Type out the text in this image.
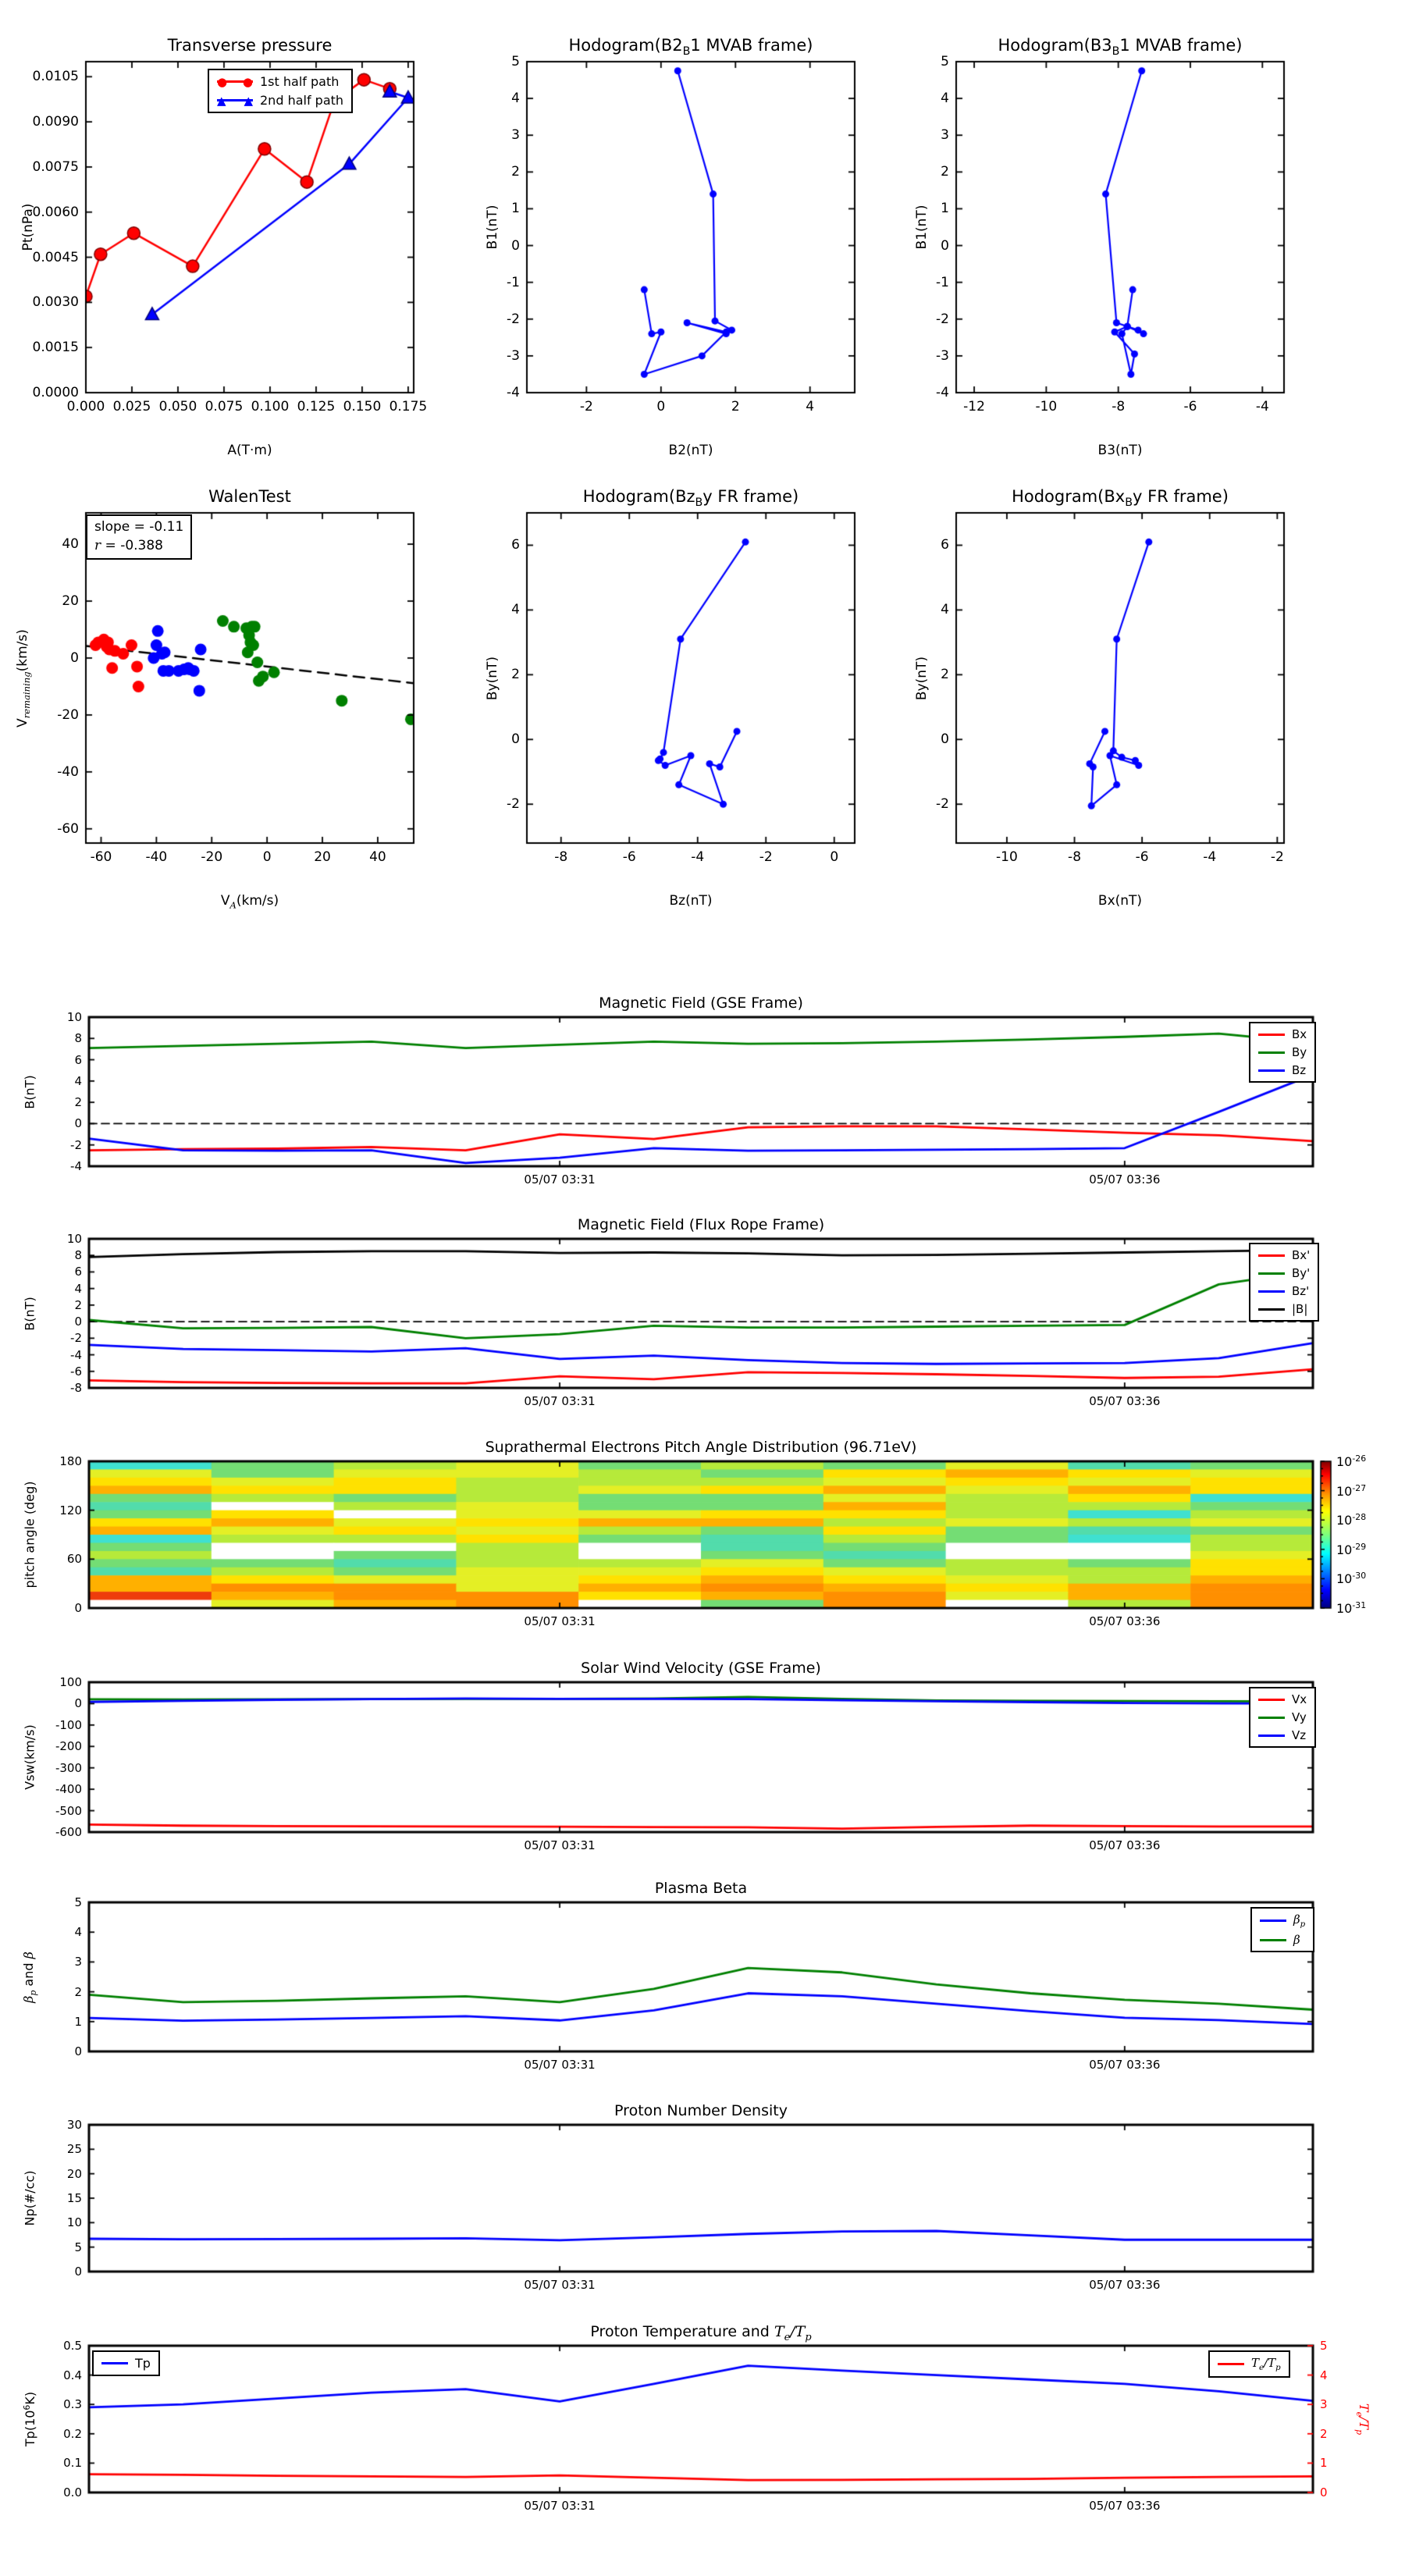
Transverse pressure
A(T·m)
Pt(nPa)
0.000 0.025 0.050 0.075 0.100 0.125 0.150 0.175
0.0000
0.0015
0.0030
0.0045
0.0060
0.0075
0.0090
0.0105	● ● 1st half path
▲ ▲ 2nd half path
$Hodogram(B2_B1$ MVAB frame)
B2(nT)
B1(nT)
-2	0	2	4
-4
-3
-2
-1
0
1
2
3
4
5
$Hodogram(B3_B1$ MVAB frame)
B3(nT)
B1(nT)
-12	-10	-8	-6	-4
-4
-3
-2
-1
0
1
2
3
4
5
WalenTest
$V_A(km/s)$
$V_{remaining}(km/s)$
-60	-40	-20	0	20	40
-60
-40
-20
0
20
40
slope = -0.11
r = -0.388
$Hodogram(Bz_By$ FR frame)
Bz(nT)
By(nT)
-8	-6	-4	-2	0
-2
0
2
4
6
$Hodogram(Bx_By$ FR frame)
Bx(nT)
By(nT)
-10	-8	-6	-4	-2
-2
0
2
4
6
Magnetic Field (GSE Frame)
B(nT)
05/07 03:31	05/07 03:36
-4
-2
0
2
4
6
8
10
Bx
By
Bz
Magnetic Field (Flux Rope Frame)
B(nT)
05/07 03:31	05/07 03:36
-8
-6
-4
-2
0
2
4
6
8
10
Bx'
By'
Bz'
|B|
Suprathermal Electrons Pitch Angle Distribution (96.71eV)
pitch angle (deg)
05/07 03:31	05/07 03:36
0
60
120
180	$10^{-26}$
$10^{-27}$
$10^{-28}$
$10^{-29}$
$10^{-30}$
$10^{-31}$
Solar Wind Velocity (GSE Frame)
Vsw(km/s)
05/07 03:31	05/07 03:36
-600
-500
-400
-300
-200
-100
0
100
Vx
Vy
Vz
Plasma Beta
$\beta_p$ and β
05/07 03:31	05/07 03:36
0
1
2
3
4
5
$\beta_p$
β
Proton Number Density
Np(#/cc)
05/07 03:31	05/07 03:36
0
5
10
15
20
25
30
Proton Temperature and $T_e/T_p$
$Tp(10^6K)$
05/07 03:31	05/07 03:36
0.0
0.1
0.2
0.3
0.4
0.5
0
1
2
3
4
5
$T_e/T_p$
Tp	$T_e/T_p$
